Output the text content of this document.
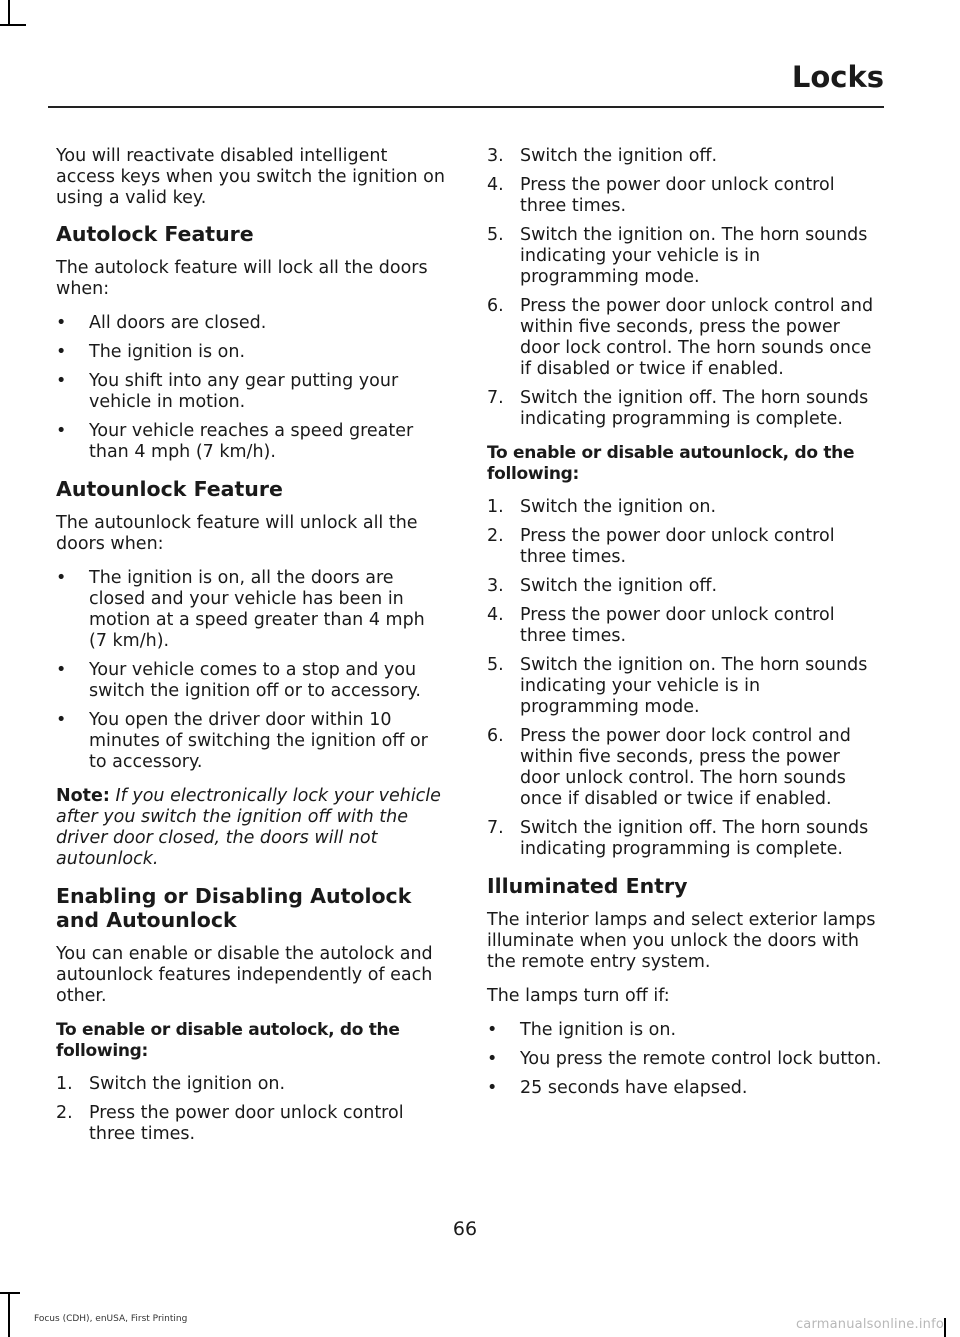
Locks

You will reactivate disabled intelligent access keys when you switch the ignition on using a valid key.

Autolock Feature

The autolock feature will lock all the doors when:

•	All doors are closed.
•	The ignition is on.
•	You shift into any gear putting your vehicle in motion.
•	Your vehicle reaches a speed greater than 4 mph (7 km/h).
Autounlock Feature

The autounlock feature will unlock all the doors when:

•	The ignition is on, all the doors are closed and your vehicle has been in motion at a speed greater than 4 mph (7 km/h).
•	Your vehicle comes to a stop and you switch the ignition off or to accessory.
•	You open the driver door within 10 minutes of switching the ignition off or to accessory.

Note: If you electronically lock your vehicle after you switch the ignition off with the driver door closed, the doors will not autounlock.

Enabling or Disabling Autolock and Autounlock

You can enable or disable the autolock and autounlock features independently of each other.

To enable or disable autolock, do the following:
1. Switch the ignition on.
2. Press the power door unlock control three times.
3. Switch the ignition off.
4. Press the power door unlock control three times.
5. Switch the ignition on. The horn sounds indicating your vehicle is in programming mode.
6. Press the power door unlock control and within five seconds, press the power door lock control. The horn sounds once if disabled or twice if enabled.
7. Switch the ignition off. The horn sounds indicating programming is complete.
To enable or disable autounlock, do the following:
1. Switch the ignition on.
2. Press the power door unlock control three times.
3. Switch the ignition off.
4. Press the power door unlock control three times.
5. Switch the ignition on. The horn sounds indicating your vehicle is in programming mode.
6. Press the power door lock control and within five seconds, press the power door unlock control. The horn sounds once if disabled or twice if enabled.
7. Switch the ignition off. The horn sounds indicating programming is complete.
Illuminated Entry

The interior lamps and select exterior lamps illuminate when you unlock the doors with the remote entry system.

The lamps turn off if:

•	The ignition is on.
•	You press the remote control lock button.
•	25 seconds have elapsed.
66
Focus (CDH), enUSA, First Printing	carmanualsonline.info
